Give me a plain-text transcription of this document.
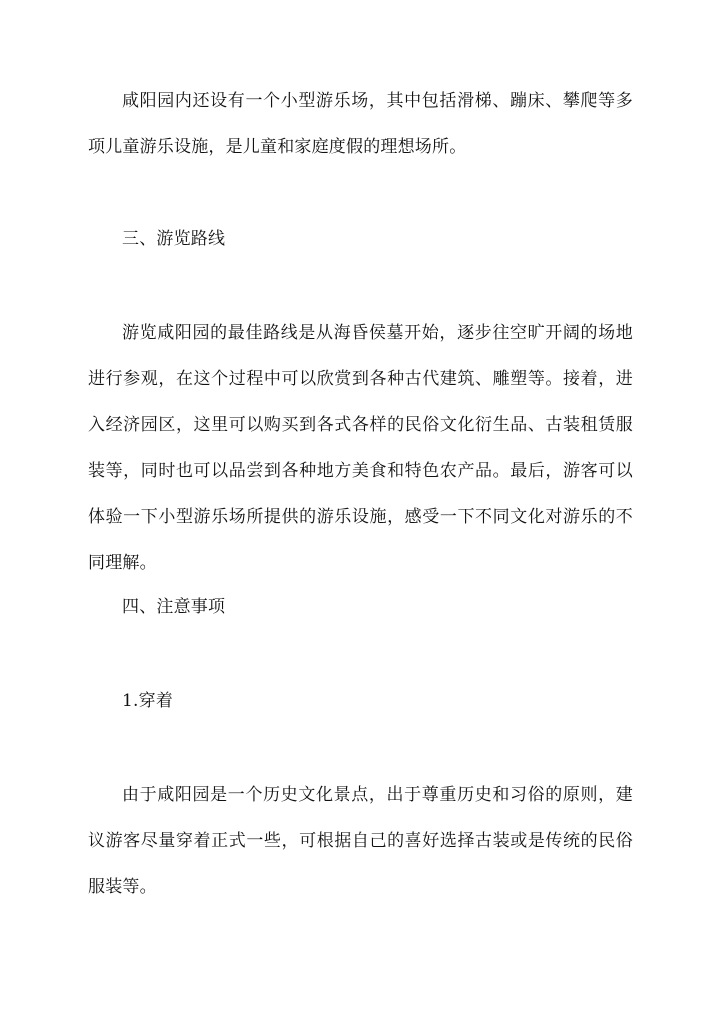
咸阳园内还设有一个小型游乐场，其中包括滑梯、蹦床、攀爬等多项儿童游乐设施，是儿童和家庭度假的理想场所。

三、游览路线

游览咸阳园的最佳路线是从海昏侯墓开始，逐步往空旷开阔的场地进行参观，在这个过程中可以欣赏到各种古代建筑、雕塑等。接着，进入经济园区，这里可以购买到各式各样的民俗文化衍生品、古装租赁服装等，同时也可以品尝到各种地方美食和特色农产品。最后，游客可以体验一下小型游乐场所提供的游乐设施，感受一下不同文化对游乐的不同理解。

四、注意事项

1.穿着

由于咸阳园是一个历史文化景点，出于尊重历史和习俗的原则，建议游客尽量穿着正式一些，可根据自己的喜好选择古装或是传统的民俗服装等。
